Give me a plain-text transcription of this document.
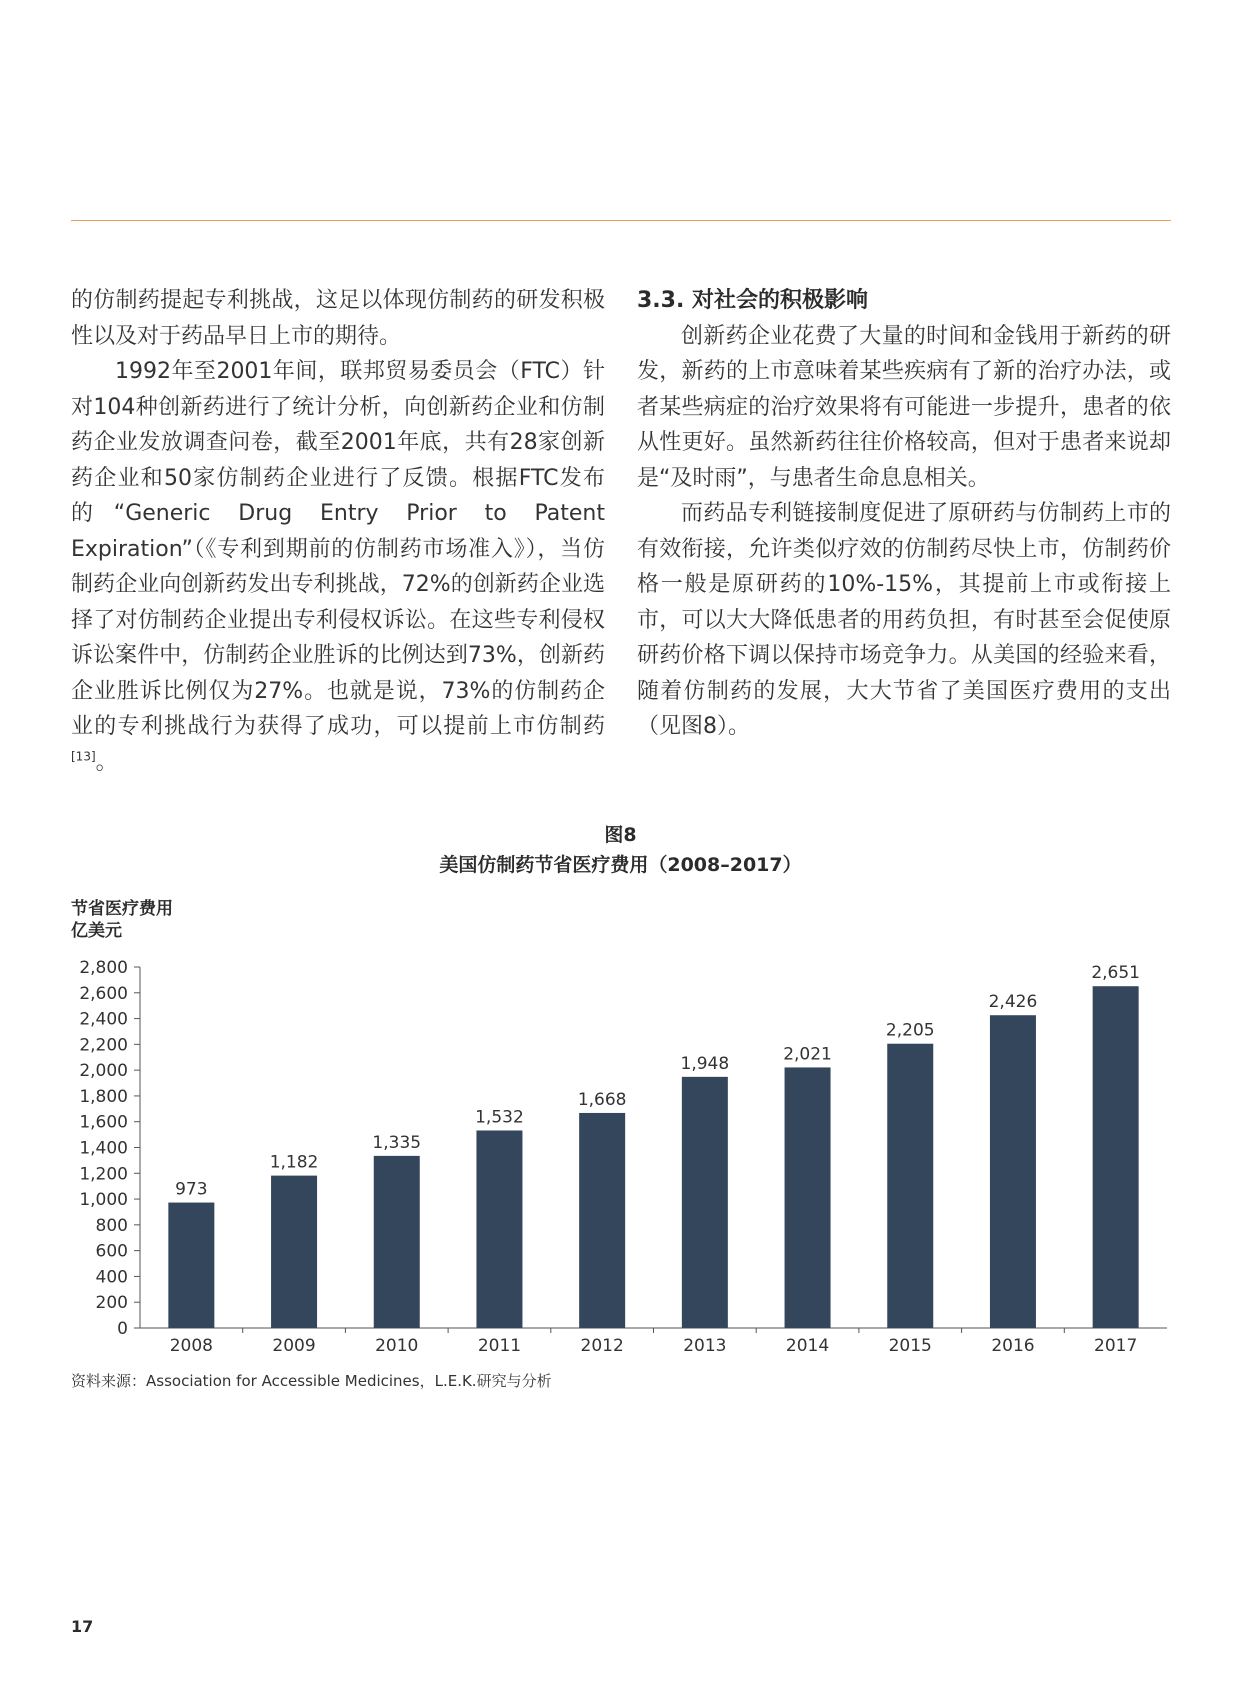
的仿制药提起专利挑战，这足以体现仿制药的研发积极性以及对于药品早日上市的期待。

1992年至2001年间，联邦贸易委员会（FTC）针对104种创新药进行了统计分析，向创新药企业和仿制药企业发放调查问卷，截至2001年底，共有28家创新药企业和50家仿制药企业进行了反馈。根据FTC发布的“Generic Drug Entry Prior to Patent Expiration”（《专利到期前的仿制药市场准入》），当仿制药企业向创新药发出专利挑战，72%的创新药企业选择了对仿制药企业提出专利侵权诉讼。在这些专利侵权诉讼案件中，仿制药企业胜诉的比例达到73%，创新药企业胜诉比例仅为27%。也就是说，73%的仿制药企业的专利挑战行为获得了成功，可以提前上市仿制药[13]。

3.3. 对社会的积极影响

创新药企业花费了大量的时间和金钱用于新药的研发，新药的上市意味着某些疾病有了新的治疗办法，或者某些病症的治疗效果将有可能进一步提升，患者的依从性更好。虽然新药往往价格较高，但对于患者来说却是“及时雨”，与患者生命息息相关。

而药品专利链接制度促进了原研药与仿制药上市的有效衔接，允许类似疗效的仿制药尽快上市，仿制药价格一般是原研药的10%-15%，其提前上市或衔接上市，可以大大降低患者的用药负担，有时甚至会促使原研药价格下调以保持市场竞争力。从美国的经验来看，随着仿制药的发展，大大节省了美国医疗费用的支出（见图8）。

图8
美国仿制药节省医疗费用（2008–2017）
节省医疗费用
亿美元
0
200
400
600
800
1,000
1,200
1,400
1,600
1,800
2,000
2,200
2,400
2,600
2,800
973
2008
1,182
2009
1,335
2010
1,532
2011
1,668
2012
1,948
2013
2,021
2014
2,205
2015
2,426
2016
2,651
2017
资料来源：Association for Accessible Medicines，L.E.K.研究与分析
17
